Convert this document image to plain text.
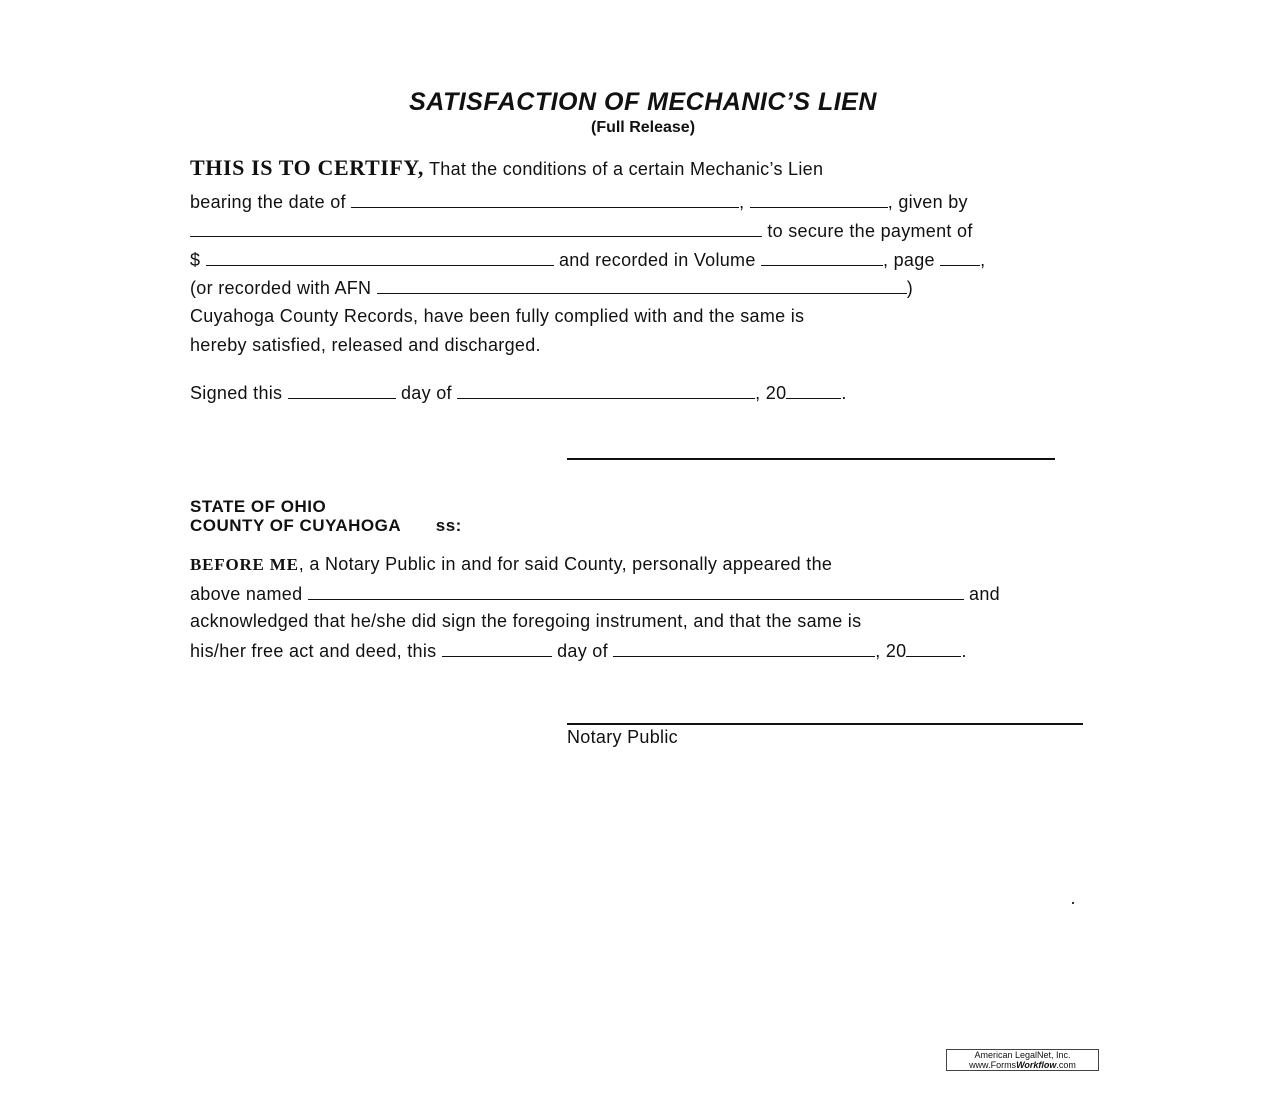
SATISFACTION OF MECHANIC’S LIEN
(Full Release)
THIS IS TO CERTIFY, That the conditions of a certain Mechanic’s Lien
bearing the date of	,	, given by
to secure the payment of
$	and recorded in Volume	, page	,
(or recorded with AFN	)
Cuyahoga County Records, have been fully complied with and the same is
hereby satisfied, released and discharged.
Signed this	day of	, 20	.
STATE OF OHIO
COUNTY OF CUYAHOGA ss:
BEFORE ME, a Notary Public in and for said County, personally appeared the
above named	and
acknowledged that he/she did sign the foregoing instrument, and that the same is
his/her free act and deed, this	day of	, 20	.
Notary Public
American LegalNet, Inc.
www.FormsWorkflow.com
